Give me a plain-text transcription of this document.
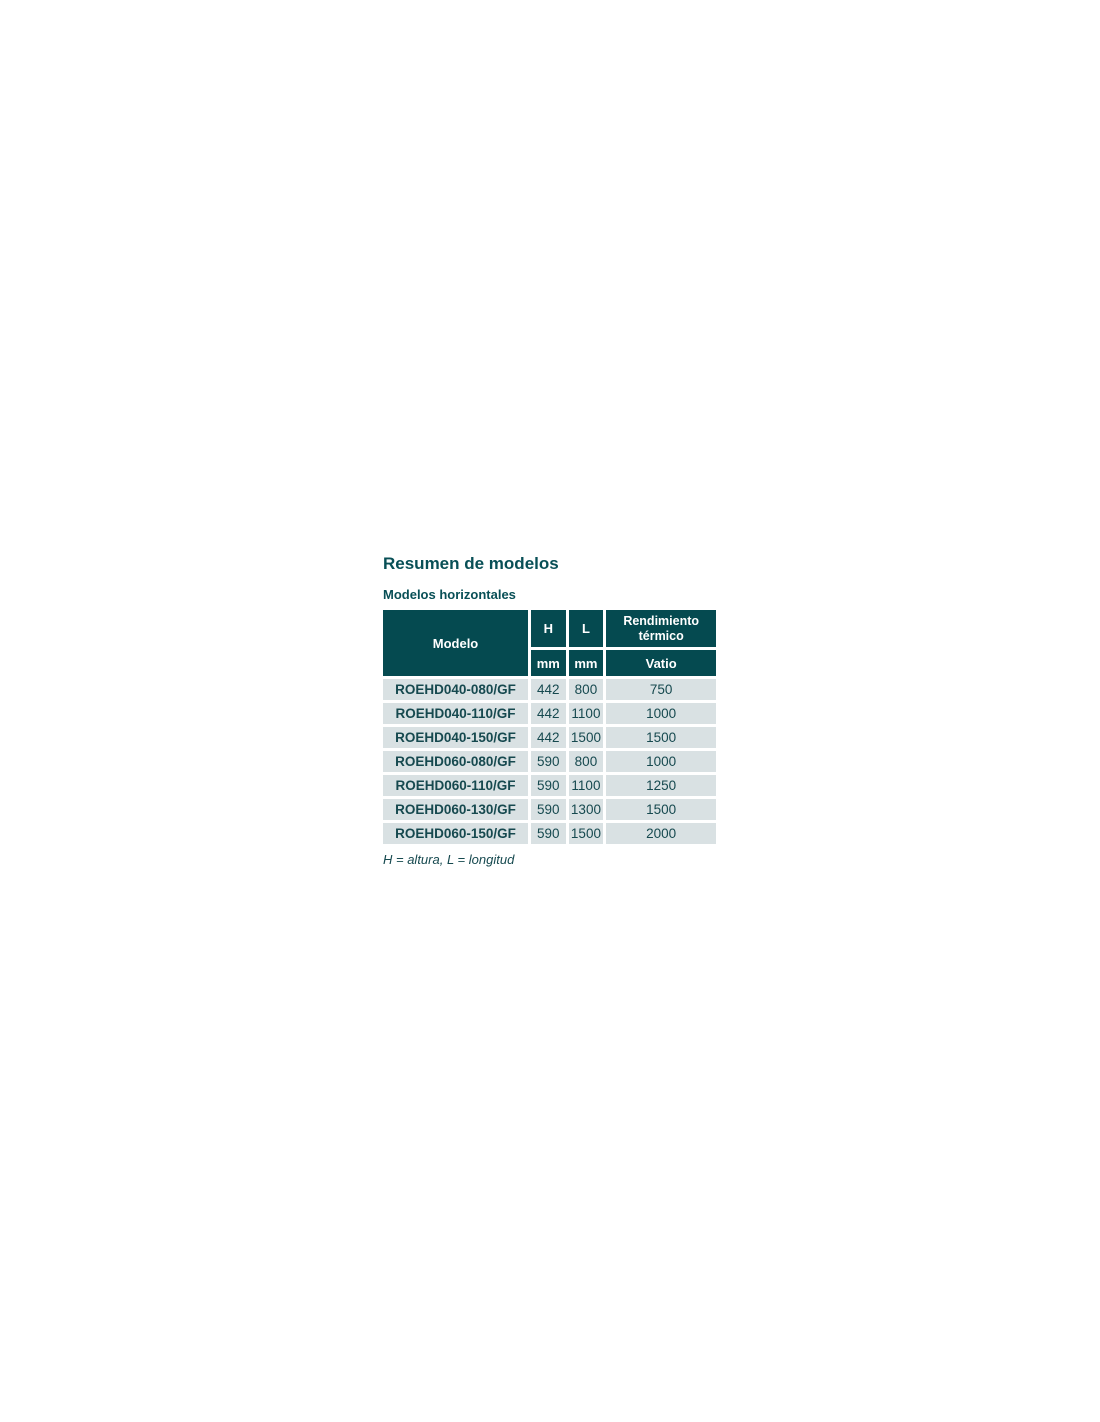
Resumen de modelos
Modelos horizontales
Modelo	H	L	Rendimiento térmico
	mm	mm	Vatio
ROEHD040-080/GF	442	800	750
ROEHD040-110/GF	442	1100	1000
ROEHD040-150/GF	442	1500	1500
ROEHD060-080/GF	590	800	1000
ROEHD060-110/GF	590	1100	1250
ROEHD060-130/GF	590	1300	1500
ROEHD060-150/GF	590	1500	2000

H = altura, L = longitud
